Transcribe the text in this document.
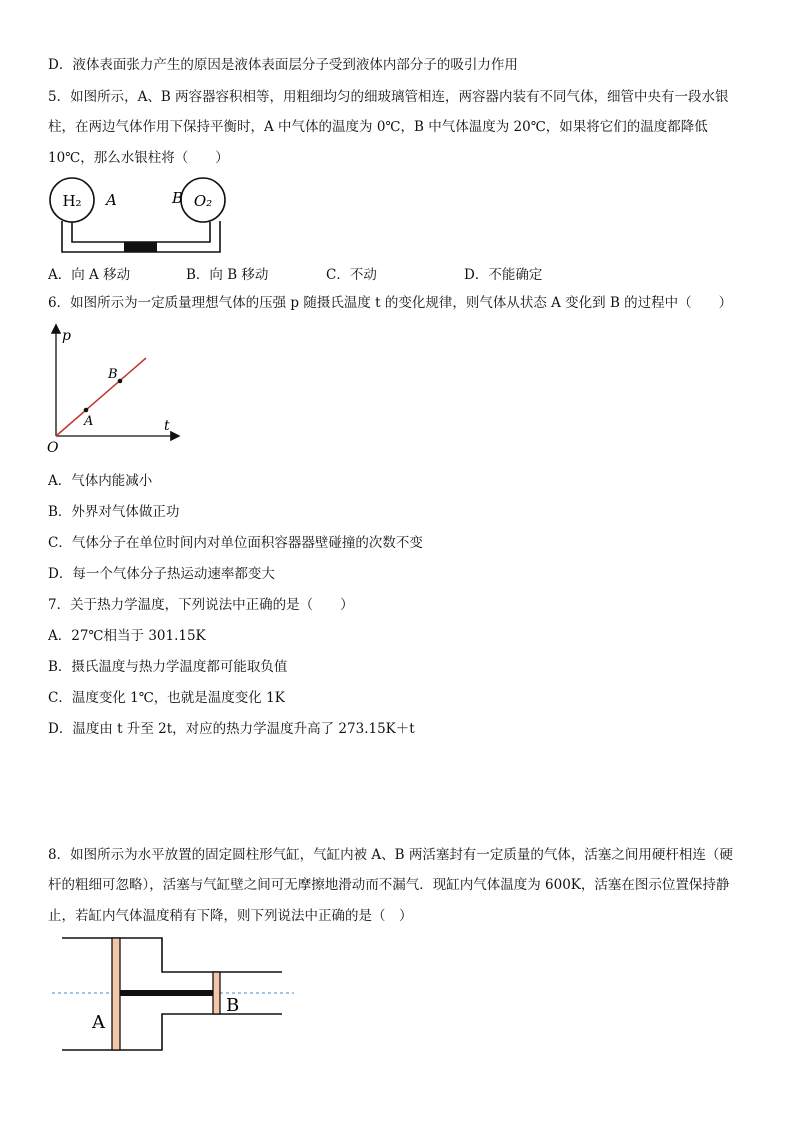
D．液体表面张力产生的原因是液体表面层分子受到液体内部分子的吸引力作用
5．如图所示，A、B 两容器容积相等，用粗细均匀的细玻璃管相连，两容器内装有不同气体，细管中央有一段水银
柱，在两边气体作用下保持平衡时，A 中气体的温度为 0℃，B 中气体温度为 20℃，如果将它们的温度都降低
10℃，那么水银柱将（　　）
H₂ A	B O₂
A．向 A 移动	B．向 B 移动	C．不动	D．不能确定
6．如图所示为一定质量理想气体的压强 p 随摄氏温度 t 的变化规律，则气体从状态 A 变化到 B 的过程中（　　）
p
t
O
A
B
A．气体内能减小
B．外界对气体做正功
C．气体分子在单位时间内对单位面积容器器壁碰撞的次数不变
D．每一个气体分子热运动速率都变大
7．关于热力学温度，下列说法中正确的是（　　）
A．27℃相当于 301.15K
B．摄氏温度与热力学温度都可能取负值
C．温度变化 1℃，也就是温度变化 1K
D．温度由 t 升至 2t，对应的热力学温度升高了 273.15K＋t
8．如图所示为水平放置的固定圆柱形气缸，气缸内被 A、B 两活塞封有一定质量的气体，活塞之间用硬杆相连（硬
杆的粗细可忽略），活塞与气缸壁之间可无摩擦地滑动而不漏气．现缸内气体温度为 600K，活塞在图示位置保持静
止，若缸内气体温度稍有下降，则下列说法中正确的是（　）
A
B
